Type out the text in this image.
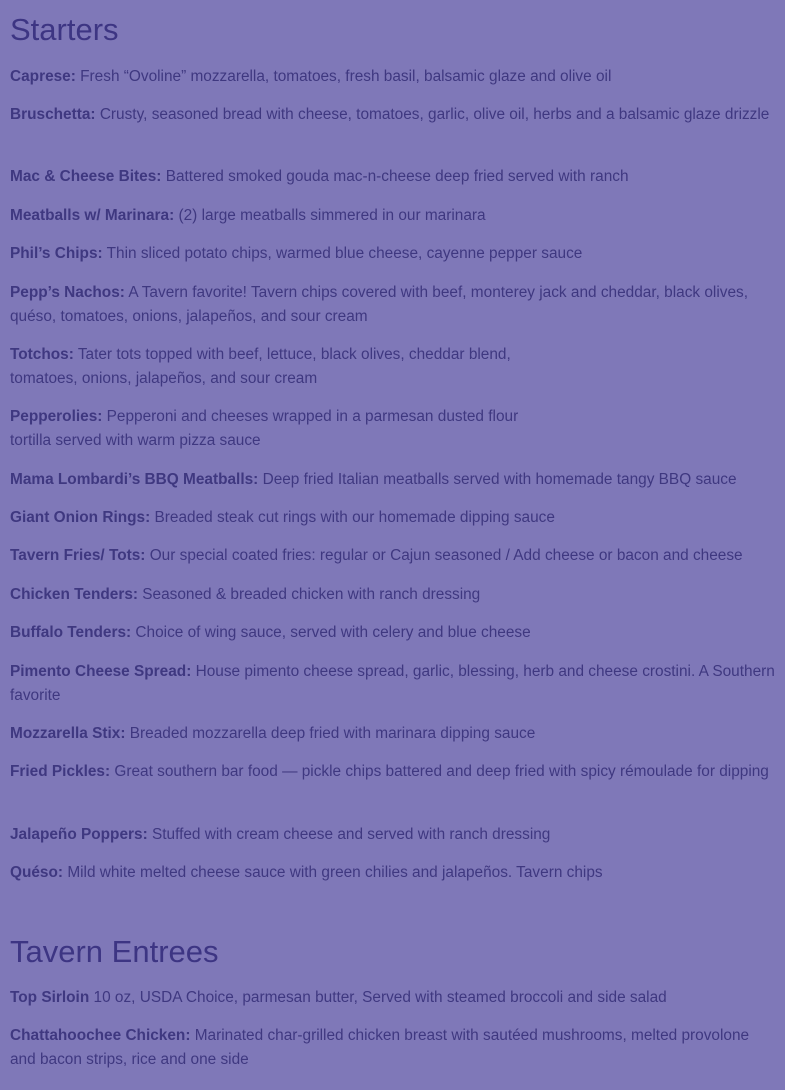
Starters

Caprese: Fresh “Ovoline” mozzarella, tomatoes, fresh basil, balsamic glaze and olive oil

Bruschetta: Crusty, seasoned bread with cheese, tomatoes, garlic, olive oil, herbs and a balsamic glaze drizzle

Mac & Cheese Bites: Battered smoked gouda mac-n-cheese deep fried served with ranch

Meatballs w/ Marinara: (2) large meatballs simmered in our marinara

Phil’s Chips: Thin sliced potato chips, warmed blue cheese, cayenne pepper sauce

Pepp’s Nachos: A Tavern favorite! Tavern chips covered with beef, monterey jack and cheddar, black olives, quéso, tomatoes, onions, jalapeños, and sour cream

Totchos: Tater tots topped with beef, lettuce, black olives, cheddar blend,
tomatoes, onions, jalapeños, and sour cream

Pepperolies: Pepperoni and cheeses wrapped in a parmesan dusted flour
tortilla served with warm pizza sauce

Mama Lombardi’s BBQ Meatballs: Deep fried Italian meatballs served with homemade tangy BBQ sauce

Giant Onion Rings: Breaded steak cut rings with our homemade dipping sauce

Tavern Fries/ Tots: Our special coated fries: regular or Cajun seasoned / Add cheese or bacon and cheese

Chicken Tenders: Seasoned & breaded chicken with ranch dressing

Buffalo Tenders: Choice of wing sauce, served with celery and blue cheese

Pimento Cheese Spread: House pimento cheese spread, garlic, blessing, herb and cheese crostini. A Southern favorite

Mozzarella Stix: Breaded mozzarella deep fried with marinara dipping sauce

Fried Pickles: Great southern bar food — pickle chips battered and deep fried with spicy rémoulade for dipping

Jalapeño Poppers: Stuffed with cream cheese and served with ranch dressing

Quéso: Mild white melted cheese sauce with green chilies and jalapeños. Tavern chips

Tavern Entrees

Top Sirloin 10 oz, USDA Choice, parmesan butter, Served with steamed broccoli and side salad

Chattahoochee Chicken: Marinated char-grilled chicken breast with sautéed mushrooms, melted provolone and bacon strips, rice and one side
